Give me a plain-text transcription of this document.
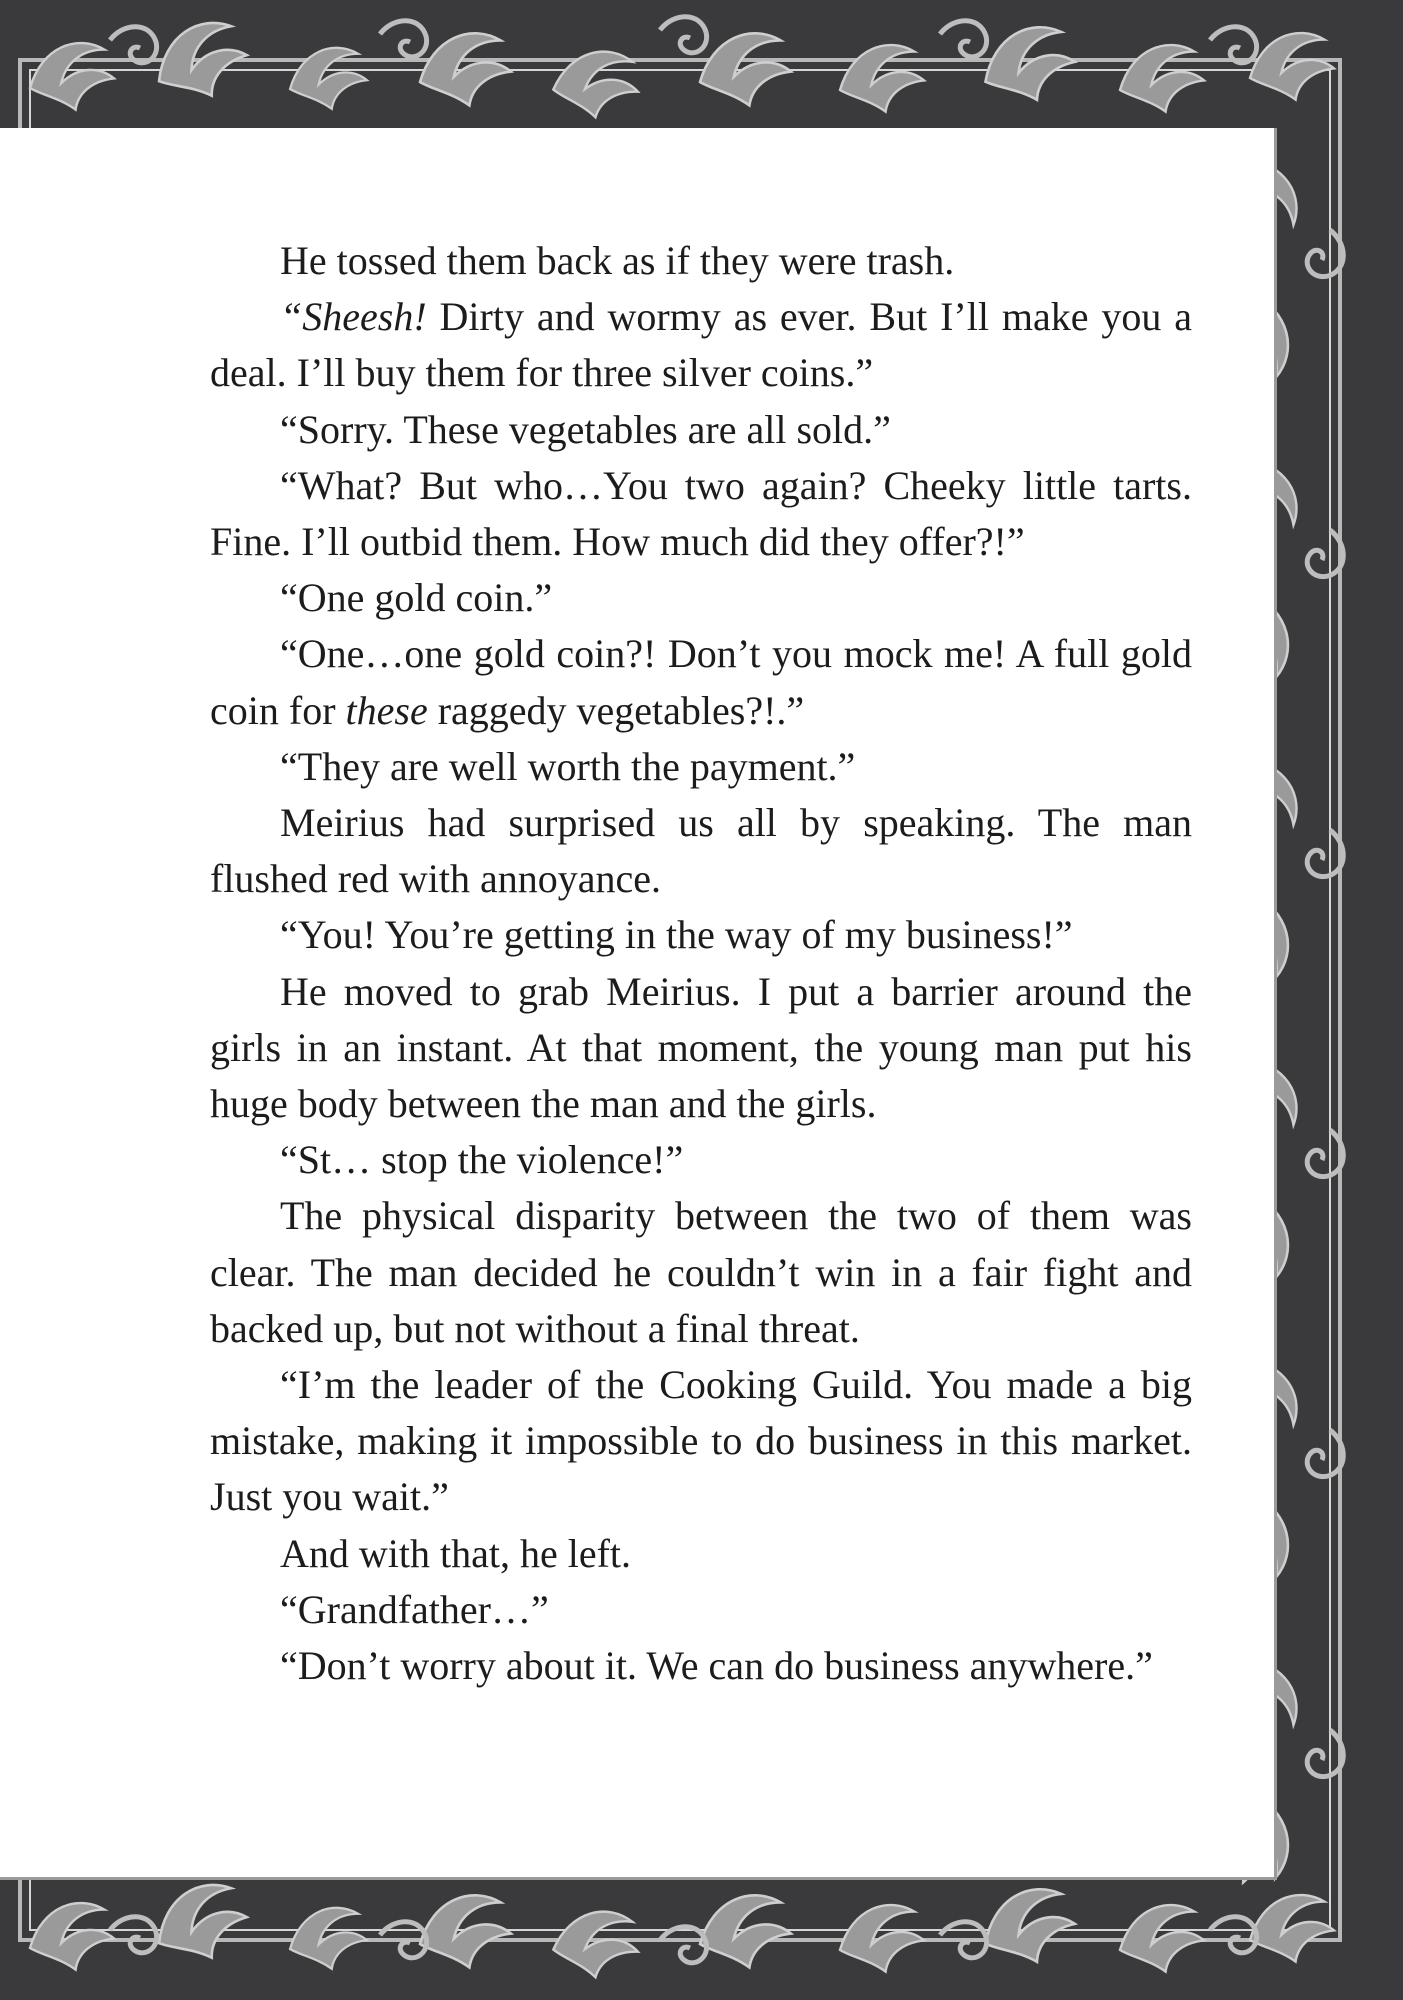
He tossed them back as if they were trash.

“Sheesh! Dirty and wormy as ever. But I’ll make you a deal. I’ll buy them for three silver coins.”

“Sorry. These vegetables are all sold.”

“What? But who…You two again? Cheeky little tarts. Fine. I’ll outbid them. How much did they offer?!”

“One gold coin.”

“One…one gold coin?! Don’t you mock me! A full gold coin for these raggedy vegetables?!.”

“They are well worth the payment.”

Meirius had surprised us all by speaking. The man flushed red with annoyance.

“You! You’re getting in the way of my business!”

He moved to grab Meirius. I put a barrier around the girls in an instant. At that moment, the young man put his huge body between the man and the girls.

“St… stop the violence!”

The physical disparity between the two of them was clear. The man decided he couldn’t win in a fair fight and backed up, but not without a final threat.

“I’m the leader of the Cooking Guild. You made a big mistake, making it impossible to do business in this market. Just you wait.”

And with that, he left.

“Grandfather…”

“Don’t worry about it. We can do business anywhere.”
